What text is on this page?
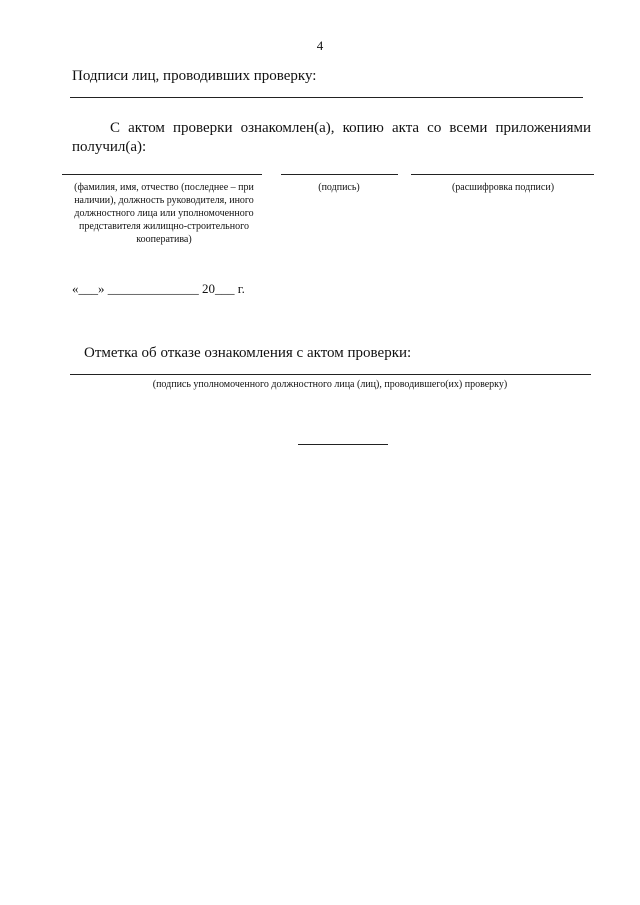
4
Подписи лиц, проводивших проверку:
С актом проверки ознакомлен(а), копию акта со всеми приложениями получил(а):
(фамилия, имя, отчество (последнее – при наличии), должность руководителя, иного должностного лица или уполномоченного представителя жилищно-строительного кооператива)
(подпись)	(расшифровка подписи)
«___» ______________ 20___ г.
Отметка об отказе ознакомления с актом проверки:
(подпись уполномоченного должностного лица (лиц), проводившего(их) проверку)
